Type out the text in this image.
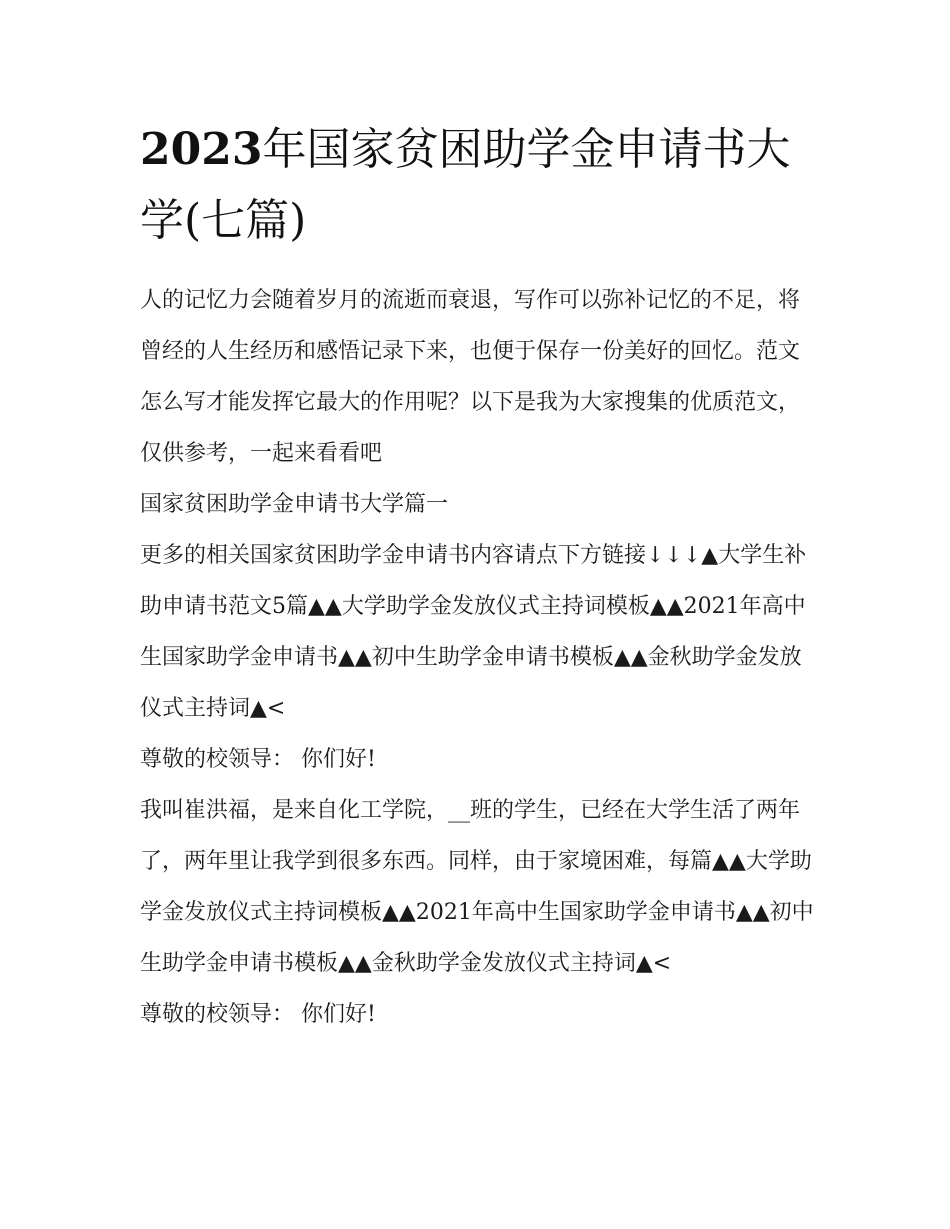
2023年国家贫困助学金申请书大学(七篇)

人的记忆力会随着岁月的流逝而衰退，写作可以弥补记忆的不足，将曾经的人生经历和感悟记录下来，也便于保存一份美好的回忆。范文怎么写才能发挥它最大的作用呢？以下是我为大家搜集的优质范文，仅供参考，一起来看看吧

国家贫困助学金申请书大学篇一

更多的相关国家贫困助学金申请书内容请点下方链接↓↓↓▲大学生补助申请书范文5篇▲▲大学助学金发放仪式主持词模板▲▲2021年高中生国家助学金申请书▲▲初中生助学金申请书模板▲▲金秋助学金发放仪式主持词▲<

尊敬的校领导： 你们好!

我叫崔洪福，是来自化工学院，__班的学生，已经在大学生活了两年了，两年里让我学到很多东西。同样，由于家境困难，每篇▲▲大学助学金发放仪式主持词模板▲▲2021年高中生国家助学金申请书▲▲初中生助学金申请书模板▲▲金秋助学金发放仪式主持词▲<

尊敬的校领导： 你们好!
